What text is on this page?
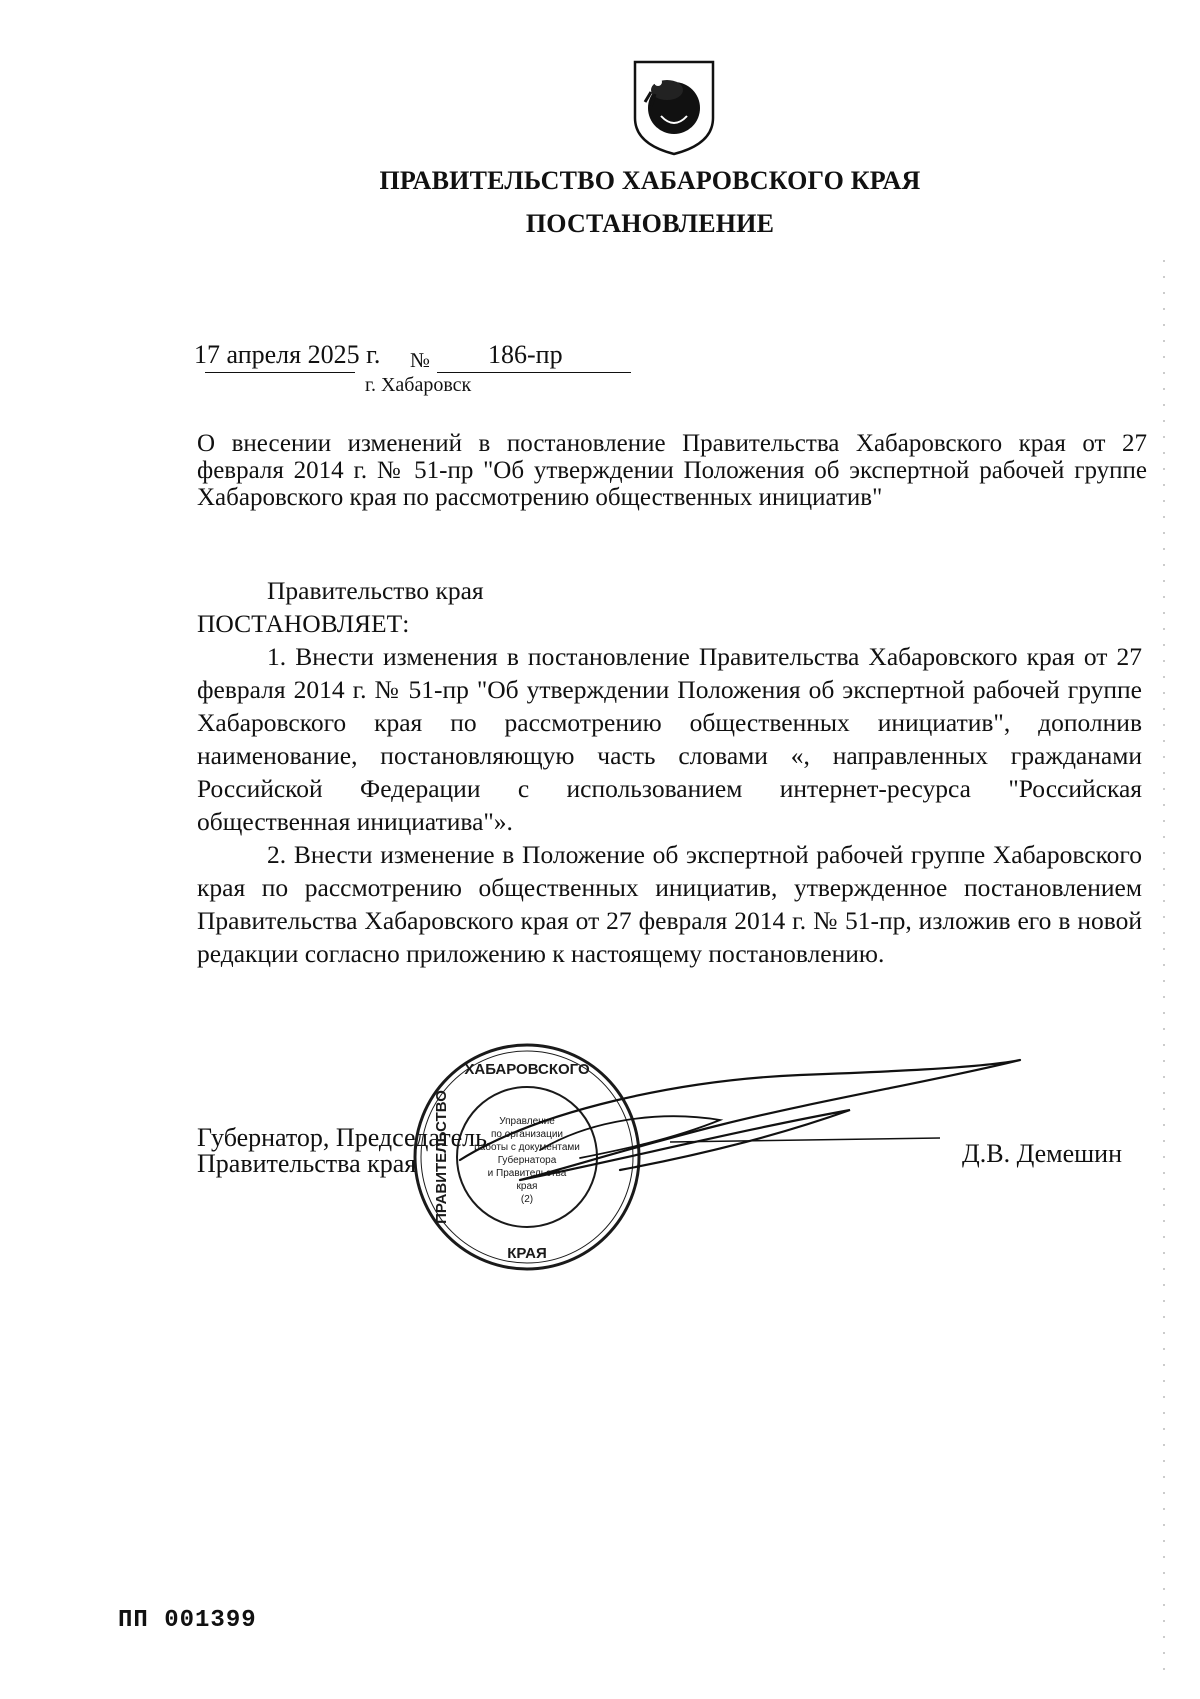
ПРАВИТЕЛЬСТВО ХАБАРОВСКОГО КРАЯ
ПОСТАНОВЛЕНИЕ
17 апреля 2025 г. № 186-пр
г. Хабаровск
О внесении изменений в постановление Правительства Хабаровского края от 27 февраля 2014 г. № 51-пр "Об утверждении Положения об экспертной рабочей группе Хабаровского края по рассмотрению общественных инициатив"

Правительство края

ПОСТАНОВЛЯЕТ:

1. Внести изменения в постановление Правительства Хабаровского края от 27 февраля 2014 г. № 51-пр "Об утверждении Положения об экспертной рабочей группе Хабаровского края по рассмотрению общественных инициатив", дополнив наименование, постановляющую часть словами «, направленных гражданами Российской Федерации с использованием интернет-ресурса "Российская общественная инициатива"».

2. Внести изменение в Положение об экспертной рабочей группе Хабаровского края по рассмотрению общественных инициатив, утвержденное постановлением Правительства Хабаровского края от 27 февраля 2014 г. № 51-пр, изложив его в новой редакции согласно приложению к настоящему постановлению.

Губернатор, Председатель
Правительства края	Д.В. Демешин
ХАБАРОВСКОГО
КРАЯ
ПРАВИТЕЛЬСТВО	Управление
по организации
работы с документами
Губернатора
и Правительства
края
(2)
ПП 001399
